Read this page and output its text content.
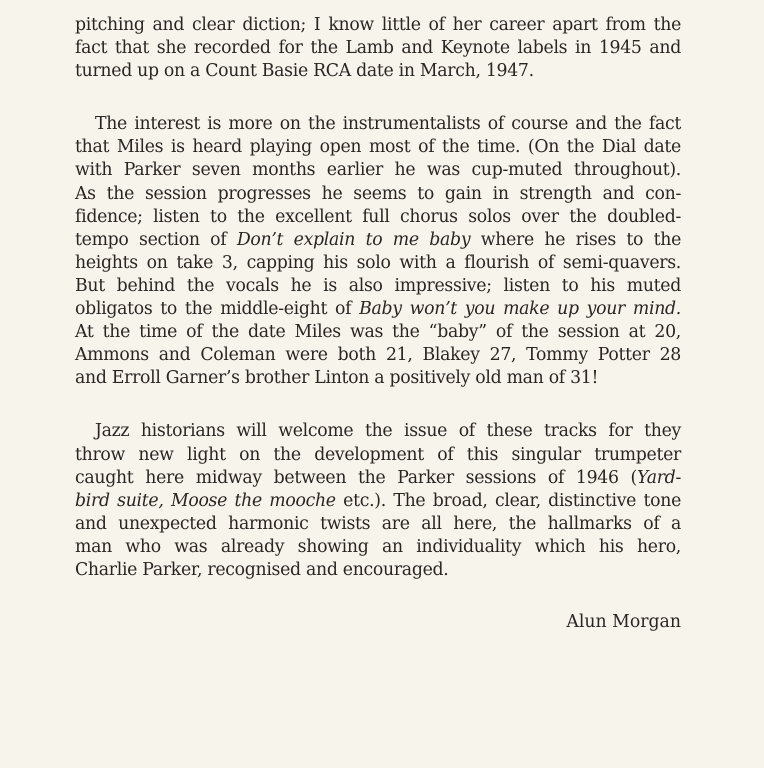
pitching and clear diction; I know little of her career apart from the
fact that she recorded for the Lamb and Keynote labels in 1945 and
turned up on a Count Basie RCA date in March, 1947.
The interest is more on the instrumentalists of course and the fact
that Miles is heard playing open most of the time. (On the Dial date
with Parker seven months earlier he was cup-muted throughout).
As the session progresses he seems to gain in strength and con-
fidence; listen to the excellent full chorus solos over the doubled-
tempo section of Don’t explain to me baby where he rises to the
heights on take 3, capping his solo with a flourish of semi-quavers.
But behind the vocals he is also impressive; listen to his muted
obligatos to the middle-eight of Baby won’t you make up your mind.
At the time of the date Miles was the “baby” of the session at 20,
Ammons and Coleman were both 21, Blakey 27, Tommy Potter 28
and Erroll Garner’s brother Linton a positively old man of 31!
Jazz historians will welcome the issue of these tracks for they
throw new light on the development of this singular trumpeter
caught here midway between the Parker sessions of 1946 (Yard-
bird suite, Moose the mooche etc.). The broad, clear, distinctive tone
and unexpected harmonic twists are all here, the hallmarks of a
man who was already showing an individuality which his hero,
Charlie Parker, recognised and encouraged.
Alun Morgan
